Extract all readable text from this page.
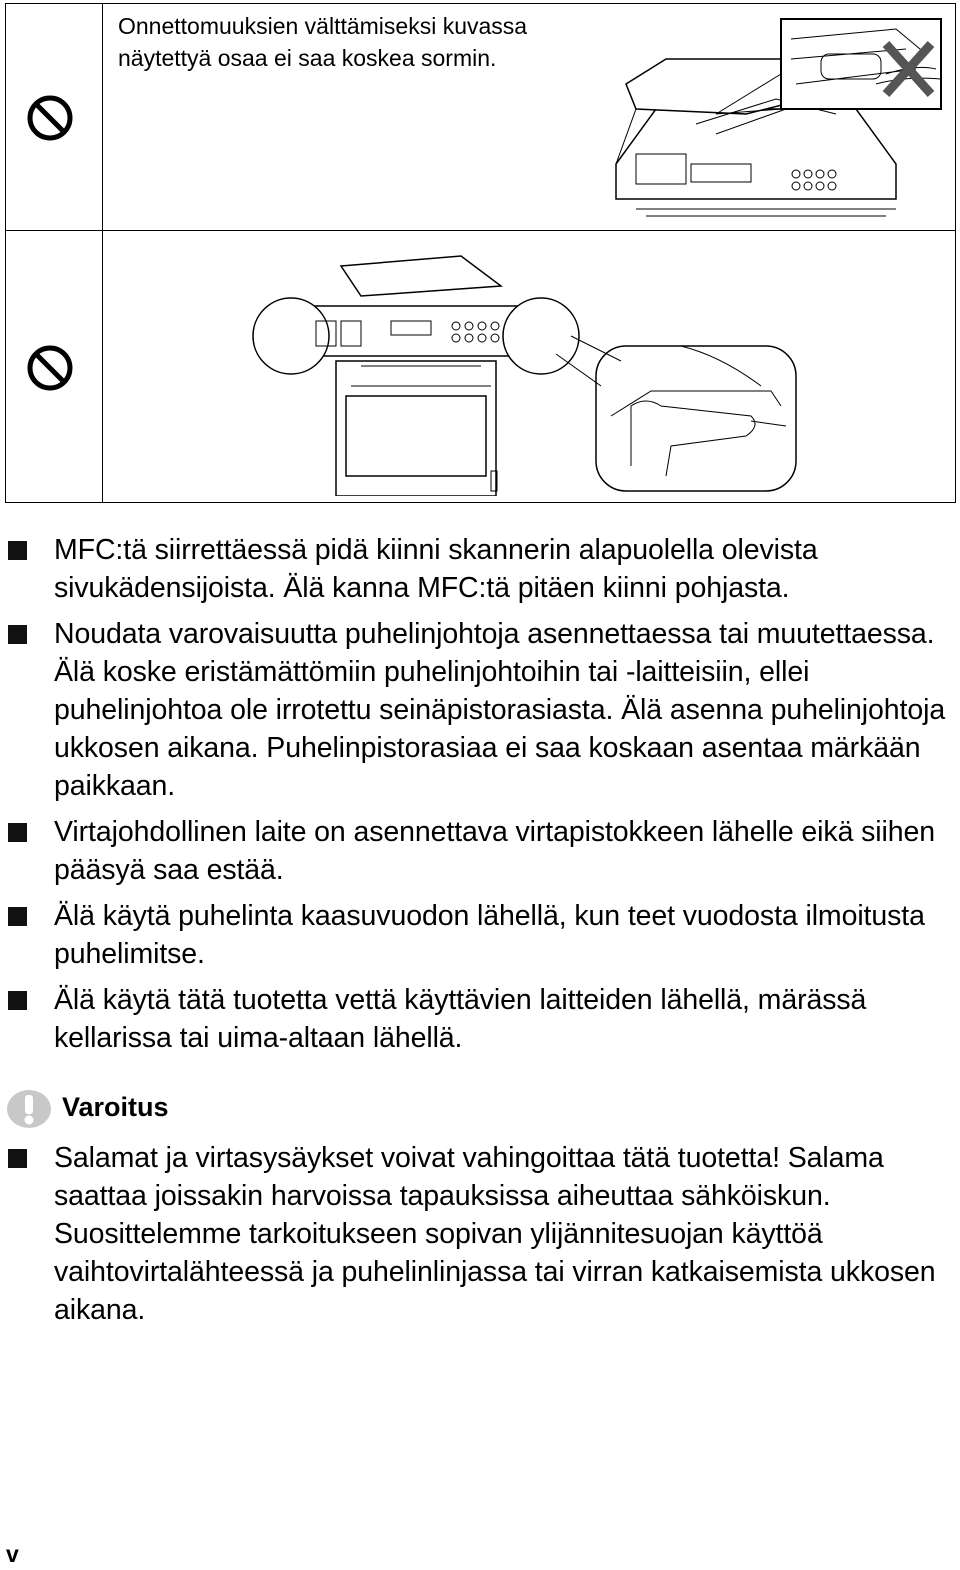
Onnettomuuksien välttämiseksi kuvassa näytettyä osaa ei saa koskea sormin.
MFC:tä siirrettäessä pidä kiinni skannerin alapuolella olevista sivukädensijoista. Älä kanna MFC:tä pitäen kiinni pohjasta.
Noudata varovaisuutta puhelinjohtoja asennettaessa tai muutettaessa. Älä koske eristämättömiin puhelinjohtoihin tai -laitteisiin, ellei puhelinjohtoa ole irrotettu seinäpistorasiasta. Älä asenna puhelinjohtoja ukkosen aikana. Puhelinpistorasiaa ei saa koskaan asentaa märkään paikkaan.
Virtajohdollinen laite on asennettava virtapistokkeen lähelle eikä siihen pääsyä saa estää.
Älä käytä puhelinta kaasuvuodon lähellä, kun teet vuodosta ilmoitusta puhelimitse.
Älä käytä tätä tuotetta vettä käyttävien laitteiden lähellä, märässä kellarissa tai uima-altaan lähellä.
Varoitus
Salamat ja virtasysäykset voivat vahingoittaa tätä tuotetta! Salama saattaa joissakin harvoissa tapauksissa aiheuttaa sähköiskun. Suosittelemme tarkoitukseen sopivan ylijännitesuojan käyttöä vaihtovirtalähteessä ja puhelinlinjassa tai virran katkaisemista ukkosen aikana.
v
